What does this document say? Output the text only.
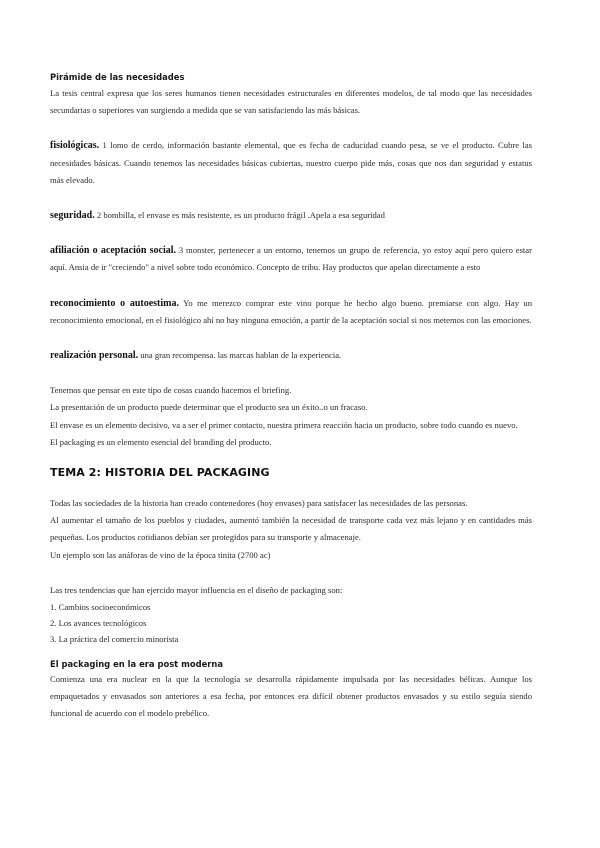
Pirámide de las necesidades

La tesis central expresa que los seres humanos tienen necesidades estructurales en diferentes modelos, de tal modo que las necesidades secundarias o superiores van surgiendo a medida que se van satisfaciendo las más básicas.

fisiológicas. 1 lomo de cerdo, información bastante elemental, que es fecha de caducidad cuando pesa, se ve el producto. Cubre las necesidades básicas. Cuando tenemos las necesidades básicas cubiertas, nuestro cuerpo pide más, cosas que nos dan seguridad y estatus más elevado.

seguridad. 2 bombilla, el envase es más resistente, es un producto frágil .Apela a esa seguridad

afiliación o aceptación social. 3 monster, pertenecer a un entorno, tenemos un grupo de referencia, yo estoy aquí pero quiero estar aquí. Ansia de ir "creciendo" a nivel sobre todo económico. Concepto de tribu. Hay productos que apelan directamente a esto

reconocimiento o autoestima. Yo me merezco comprar este vino porque he hecho algo bueno. premiarse con algo. Hay un reconocimiento emocional, en el fisiológico ahí no hay ninguna emoción, a partir de la aceptación social si nos metemos con las emociones.

realización personal. una gran recompensa. las marcas hablan de la experiencia.

Tenemos que pensar en este tipo de cosas cuando hacemos el briefing.

La presentación de un producto puede determinar que el producto sea un éxito..o un fracaso.

El envase es un elemento decisivo, va a ser el primer contacto, nuestra primera reacción hacia un producto, sobre todo cuando es nuevo.

El packaging es un elemento esencial del branding del producto.

TEMA 2: HISTORIA DEL PACKAGING

Todas las sociedades de la historia han creado contenedores (hoy envases) para satisfacer las necesidades de las personas.

Al aumentar el tamaño de los pueblos y ciudades, aumentó también la necesidad de transporte cada vez más lejano y en cantidades más pequeñas. Los productos cotidianos debían ser protegidos para su transporte y almacenaje.

Un ejemplo son las anáforas de vino de la época tinita (2700 ac)

Las tres tendencias que han ejercido mayor influencia en el diseño de packaging son:

1. Cambios socioeconómicos

2. Los avances tecnológicos

3. La práctica del comercio minorista

El packaging en la era post moderna

Comienza una era nuclear en la que la tecnología se desarrolla rápidamente impulsada por las necesidades bélicas. Aunque los empaquetados y envasados son anteriores a esa fecha, por entonces era difícil obtener productos envasados y su estilo seguía siendo funcional de acuerdo con el modelo prebélico.
